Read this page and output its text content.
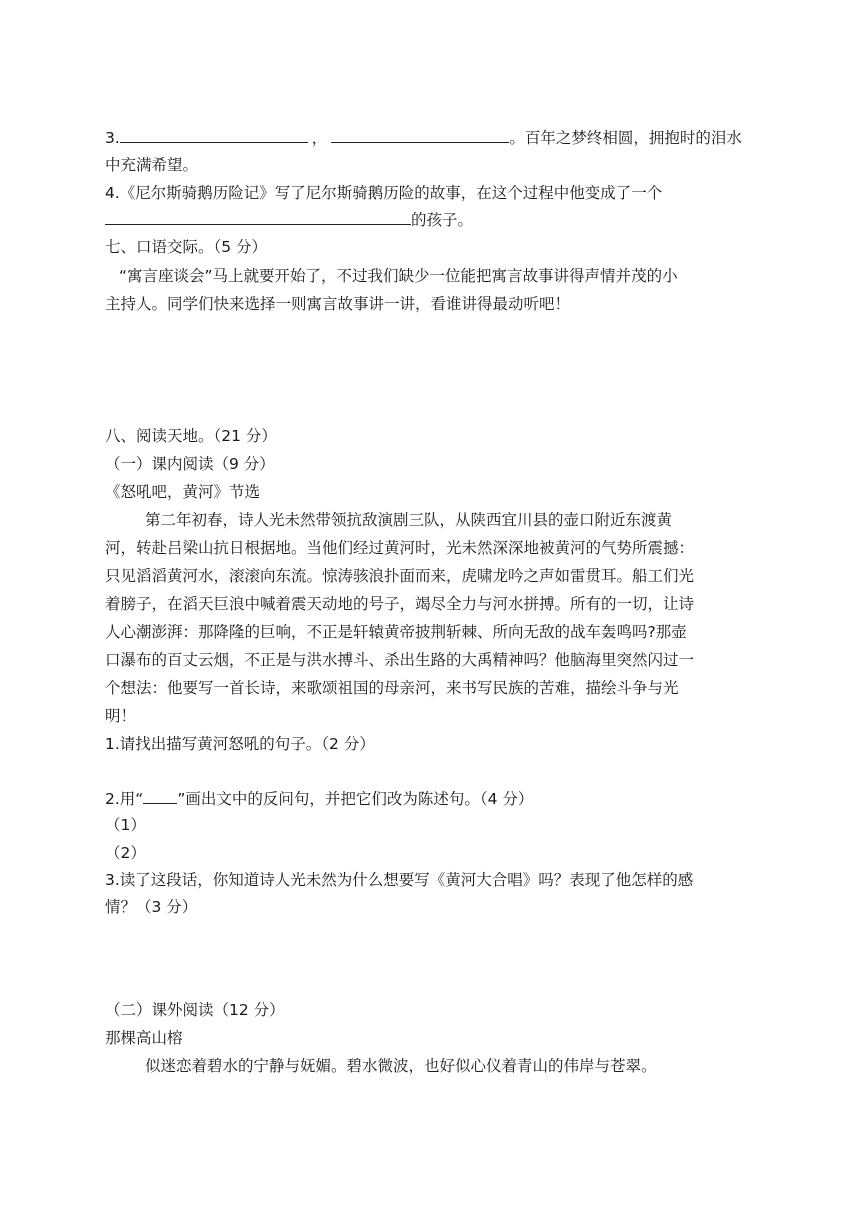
3.	，	。百年之梦终相圆，拥抱时的泪水
中充满希望。
4.《尼尔斯骑鹅历险记》写了尼尔斯骑鹅历险的故事，在这个过程中他变成了一个
的孩子。
七、口语交际。（5 分）
“寓言座谈会”马上就要开始了，不过我们缺少一位能把寓言故事讲得声情并茂的小
主持人。同学们快来选择一则寓言故事讲一讲，看谁讲得最动听吧！
八、阅读天地。（21 分）
（一）课内阅读（9 分）
《怒吼吧，黄河》节选
第二年初春，诗人光未然带领抗敌演剧三队，从陕西宜川县的壶口附近东渡黄
河，转赴吕梁山抗日根据地。当他们经过黄河时，光未然深深地被黄河的气势所震撼：
只见滔滔黄河水，滚滚向东流。惊涛骇浪扑面而来，虎啸龙吟之声如雷贯耳。船工们光
着膀子，在滔天巨浪中喊着震天动地的号子，竭尽全力与河水拼搏。所有的一切，让诗
人心潮澎湃：那降隆的巨响，不正是轩辕黄帝披荆斩棘、所向无敌的战车轰鸣吗?那壶
口瀑布的百丈云烟，不正是与洪水搏斗、杀出生路的大禹精神吗？他脑海里突然闪过一
个想法：他要写一首长诗，来歌颂祖国的母亲河，来书写民族的苦难，描绘斗争与光
明！
1.请找出描写黄河怒吼的句子。（2 分）
2.用“ ”画出文中的反问句，并把它们改为陈述句。（4 分）
（1）
（2）
3.读了这段话，你知道诗人光未然为什么想要写《黄河大合唱》吗？表现了他怎样的感
情？（3 分）
（二）课外阅读（12 分）
那棵高山榕
似迷恋着碧水的宁静与妩媚。碧水微波，也好似心仪着青山的伟岸与苍翠。
